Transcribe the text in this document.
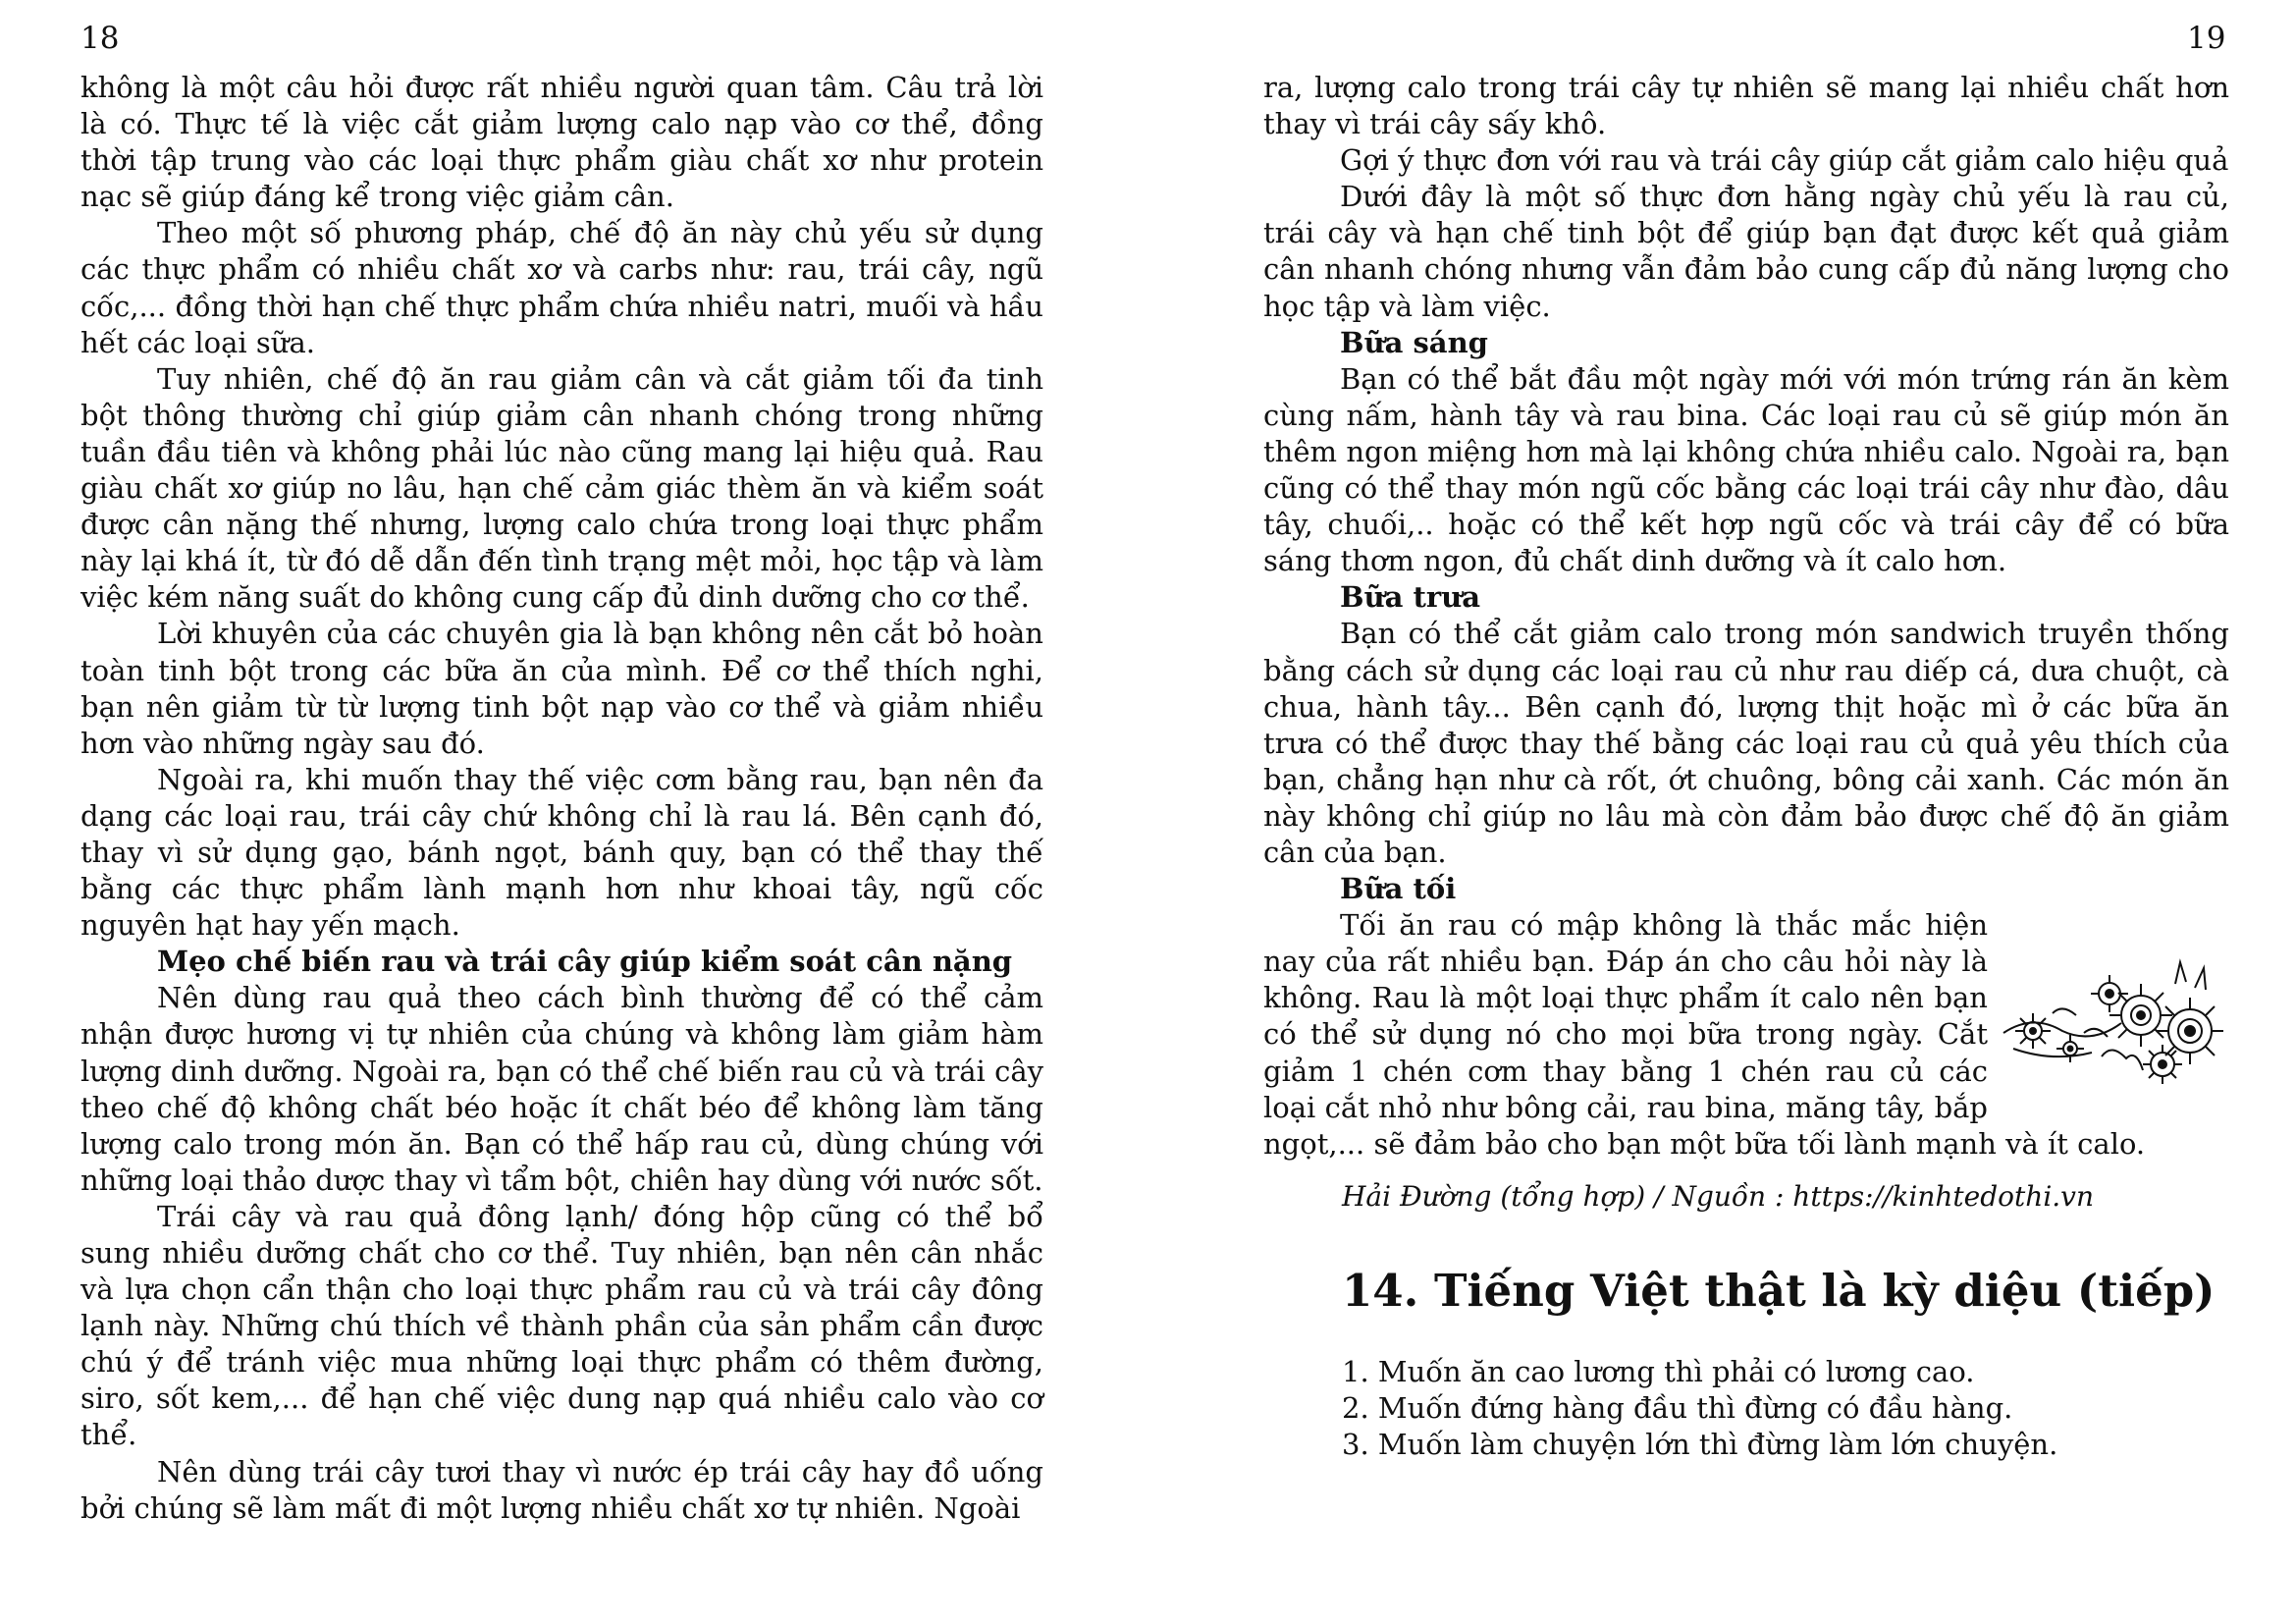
18	19

không là một câu hỏi được rất nhiều người quan tâm. Câu trả lời là có. Thực tế là việc cắt giảm lượng calo nạp vào cơ thể, đồng thời tập trung vào các loại thực phẩm giàu chất xơ như protein nạc sẽ giúp đáng kể trong việc giảm cân.

Theo một số phương pháp, chế độ ăn này chủ yếu sử dụng các thực phẩm có nhiều chất xơ và carbs như: rau, trái cây, ngũ cốc,... đồng thời hạn chế thực phẩm chứa nhiều natri, muối và hầu hết các loại sữa.

Tuy nhiên, chế độ ăn rau giảm cân và cắt giảm tối đa tinh bột thông thường chỉ giúp giảm cân nhanh chóng trong những tuần đầu tiên và không phải lúc nào cũng mang lại hiệu quả. Rau giàu chất xơ giúp no lâu, hạn chế cảm giác thèm ăn và kiểm soát được cân nặng thế nhưng, lượng calo chứa trong loại thực phẩm này lại khá ít, từ đó dễ dẫn đến tình trạng mệt mỏi, học tập và làm việc kém năng suất do không cung cấp đủ dinh dưỡng cho cơ thể.

Lời khuyên của các chuyên gia là bạn không nên cắt bỏ hoàn toàn tinh bột trong các bữa ăn của mình. Để cơ thể thích nghi, bạn nên giảm từ từ lượng tinh bột nạp vào cơ thể và giảm nhiều hơn vào những ngày sau đó.

Ngoài ra, khi muốn thay thế việc cơm bằng rau, bạn nên đa dạng các loại rau, trái cây chứ không chỉ là rau lá. Bên cạnh đó, thay vì sử dụng gạo, bánh ngọt, bánh quy, bạn có thể thay thế bằng các thực phẩm lành mạnh hơn như khoai tây, ngũ cốc nguyên hạt hay yến mạch.

Mẹo chế biến rau và trái cây giúp kiểm soát cân nặng

Nên dùng rau quả theo cách bình thường để có thể cảm nhận được hương vị tự nhiên của chúng và không làm giảm hàm lượng dinh dưỡng. Ngoài ra, bạn có thể chế biến rau củ và trái cây theo chế độ không chất béo hoặc ít chất béo để không làm tăng lượng calo trong món ăn. Bạn có thể hấp rau củ, dùng chúng với những loại thảo dược thay vì tẩm bột, chiên hay dùng với nước sốt.

Trái cây và rau quả đông lạnh/ đóng hộp cũng có thể bổ sung nhiều dưỡng chất cho cơ thể. Tuy nhiên, bạn nên cân nhắc và lựa chọn cẩn thận cho loại thực phẩm rau củ và trái cây đông lạnh này. Những chú thích về thành phần của sản phẩm cần được chú ý để tránh việc mua những loại thực phẩm có thêm đường, siro, sốt kem,... để hạn chế việc dung nạp quá nhiều calo vào cơ thể.

Nên dùng trái cây tươi thay vì nước ép trái cây hay đồ uống bởi chúng sẽ làm mất đi một lượng nhiều chất xơ tự nhiên. Ngoài

ra, lượng calo trong trái cây tự nhiên sẽ mang lại nhiều chất hơn thay vì trái cây sấy khô.

Gợi ý thực đơn với rau và trái cây giúp cắt giảm calo hiệu quả

Dưới đây là một số thực đơn hằng ngày chủ yếu là rau củ, trái cây và hạn chế tinh bột để giúp bạn đạt được kết quả giảm cân nhanh chóng nhưng vẫn đảm bảo cung cấp đủ năng lượng cho học tập và làm việc.

Bữa sáng

Bạn có thể bắt đầu một ngày mới với món trứng rán ăn kèm cùng nấm, hành tây và rau bina. Các loại rau củ sẽ giúp món ăn thêm ngon miệng hơn mà lại không chứa nhiều calo. Ngoài ra, bạn cũng có thể thay món ngũ cốc bằng các loại trái cây như đào, dâu tây, chuối,.. hoặc có thể kết hợp ngũ cốc và trái cây để có bữa sáng thơm ngon, đủ chất dinh dưỡng và ít calo hơn.

Bữa trưa

Bạn có thể cắt giảm calo trong món sandwich truyền thống bằng cách sử dụng các loại rau củ như rau diếp cá, dưa chuột, cà chua, hành tây... Bên cạnh đó, lượng thịt hoặc mì ở các bữa ăn trưa có thể được thay thế bằng các loại rau củ quả yêu thích của bạn, chẳng hạn như cà rốt, ớt chuông, bông cải xanh. Các món ăn này không chỉ giúp no lâu mà còn đảm bảo được chế độ ăn giảm cân của bạn.

Bữa tối

Tối ăn rau có mập không là thắc mắc hiện nay của rất nhiều bạn. Đáp án cho câu hỏi này là không. Rau là một loại thực phẩm ít calo nên bạn có thể sử dụng nó cho mọi bữa trong ngày. Cắt giảm 1 chén cơm thay bằng 1 chén rau củ các loại cắt nhỏ như bông cải, rau bina, măng tây, bắp ngọt,... sẽ đảm bảo cho bạn một bữa tối lành mạnh và ít calo.

Hải Đường (tổng hợp) / Nguồn : https://kinhtedothi.vn

14. Tiếng Việt thật là kỳ diệu (tiếp)
1. Muốn ăn cao lương thì phải có lương cao.
2. Muốn đứng hàng đầu thì đừng có đầu hàng.
3. Muốn làm chuyện lớn thì đừng làm lớn chuyện.
